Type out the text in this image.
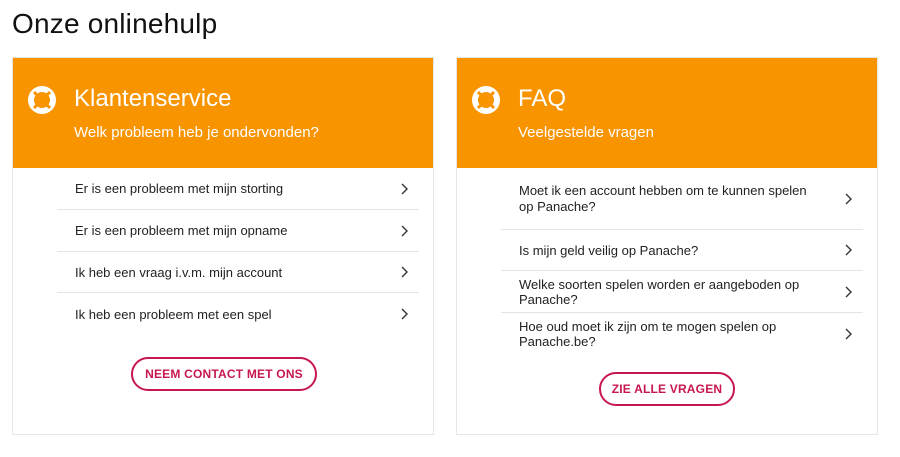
Onze onlinehulp
Klantenservice
Welk probleem heb je ondervonden?
Er is een probleem met mijn storting
Er is een probleem met mijn opname
Ik heb een vraag i.v.m. mijn account
Ik heb een probleem met een spel
NEEM CONTACT MET ONS
FAQ
Veelgestelde vragen
Moet ik een account hebben om te kunnen spelen op Panache?
Is mijn geld veilig op Panache?
Welke soorten spelen worden er aangeboden op Panache?
Hoe oud moet ik zijn om te mogen spelen op Panache.be?
ZIE ALLE VRAGEN
